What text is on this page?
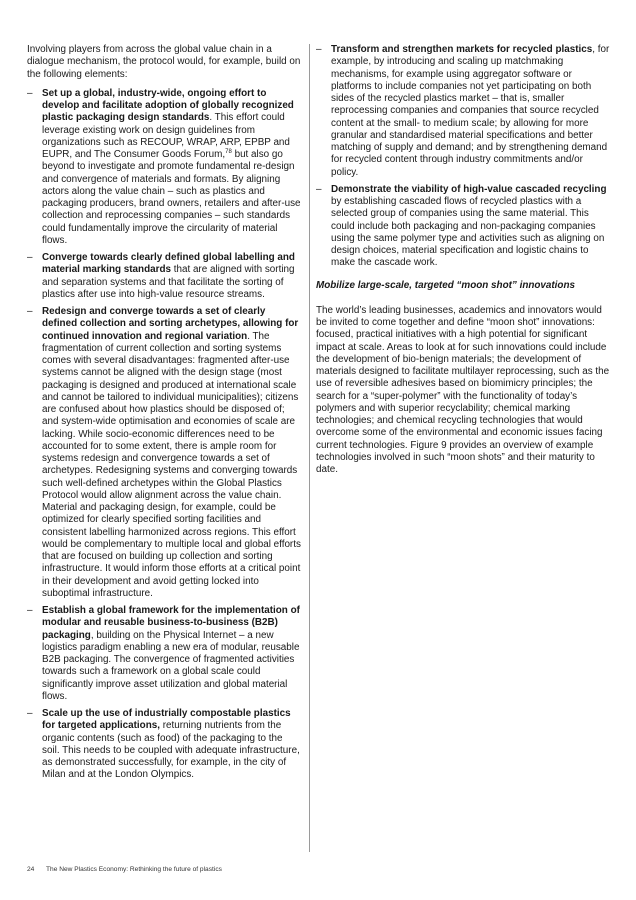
Involving players from across the global value chain in a dialogue mechanism, the protocol would, for example, build on the following elements:

– Set up a global, industry-wide, ongoing effort to develop and facilitate adoption of globally recognized plastic packaging design standards. This effort could leverage existing work on design guidelines from organizations such as RECOUP, WRAP, ARP, EPBP and EUPR, and The Consumer Goods Forum,$^{78}$ but also go beyond to investigate and promote fundamental re-design and convergence of materials and formats. By aligning actors along the value chain – such as plastics and packaging producers, brand owners, retailers and after-use collection and reprocessing companies – such standards could fundamentally improve the circularity of material flows.
– Converge towards clearly defined global labelling and material marking standards that are aligned with sorting and separation systems and that facilitate the sorting of plastics after use into high-value resource streams.
– Redesign and converge towards a set of clearly defined collection and sorting archetypes, allowing for continued innovation and regional variation. The fragmentation of current collection and sorting systems comes with several disadvantages: fragmented after-use systems cannot be aligned with the design stage (most packaging is designed and produced at international scale and cannot be tailored to individual municipalities); citizens are confused about how plastics should be disposed of; and system-wide optimisation and economies of scale are lacking. While socio-economic differences need to be accounted for to some extent, there is ample room for systems redesign and convergence towards a set of archetypes. Redesigning systems and converging towards such well-defined archetypes within the Global Plastics Protocol would allow alignment across the value chain. Material and packaging design, for example, could be optimized for clearly specified sorting facilities and consistent labelling harmonized across regions. This effort would be complementary to multiple local and global efforts that are focused on building up collection and sorting infrastructure. It would inform those efforts at a critical point in their development and avoid getting locked into suboptimal infrastructure.
– Establish a global framework for the implementation of modular and reusable business-to-business (B2B) packaging, building on the Physical Internet – a new logistics paradigm enabling a new era of modular, reusable B2B packaging. The convergence of fragmented activities towards such a framework on a global scale could significantly improve asset utilization and global material flows.
– Scale up the use of industrially compostable plastics for targeted applications, returning nutrients from the organic contents (such as food) of the packaging to the soil. This needs to be coupled with adequate infrastructure, as demonstrated successfully, for example, in the city of Milan and at the London Olympics.
– Transform and strengthen markets for recycled plastics, for example, by introducing and scaling up matchmaking mechanisms, for example using aggregator software or platforms to include companies not yet participating on both sides of the recycled plastics market – that is, smaller reprocessing companies and companies that source recycled content at the small- to medium scale; by allowing for more granular and standardised material specifications and better matching of supply and demand; and by strengthening demand for recycled content through industry commitments and/or policy.
– Demonstrate the viability of high-value cascaded recycling by establishing cascaded flows of recycled plastics with a selected group of companies using the same material. This could include both packaging and non-packaging companies using the same polymer type and activities such as aligning on design choices, material specification and logistic chains to make the cascade work.

Mobilize large-scale, targeted “moon shot” innovations

The world’s leading businesses, academics and innovators would be invited to come together and define “moon shot” innovations: focused, practical initiatives with a high potential for significant impact at scale. Areas to look at for such innovations could include the development of bio-benign materials; the development of materials designed to facilitate multilayer reprocessing, such as the use of reversible adhesives based on biomimicry principles; the search for a “super-polymer” with the functionality of today’s polymers and with superior recyclability; chemical marking technologies; and chemical recycling technologies that would overcome some of the environmental and economic issues facing current technologies. Figure 9 provides an overview of example technologies involved in such “moon shots” and their maturity to date.

24 The New Plastics Economy: Rethinking the future of plastics
